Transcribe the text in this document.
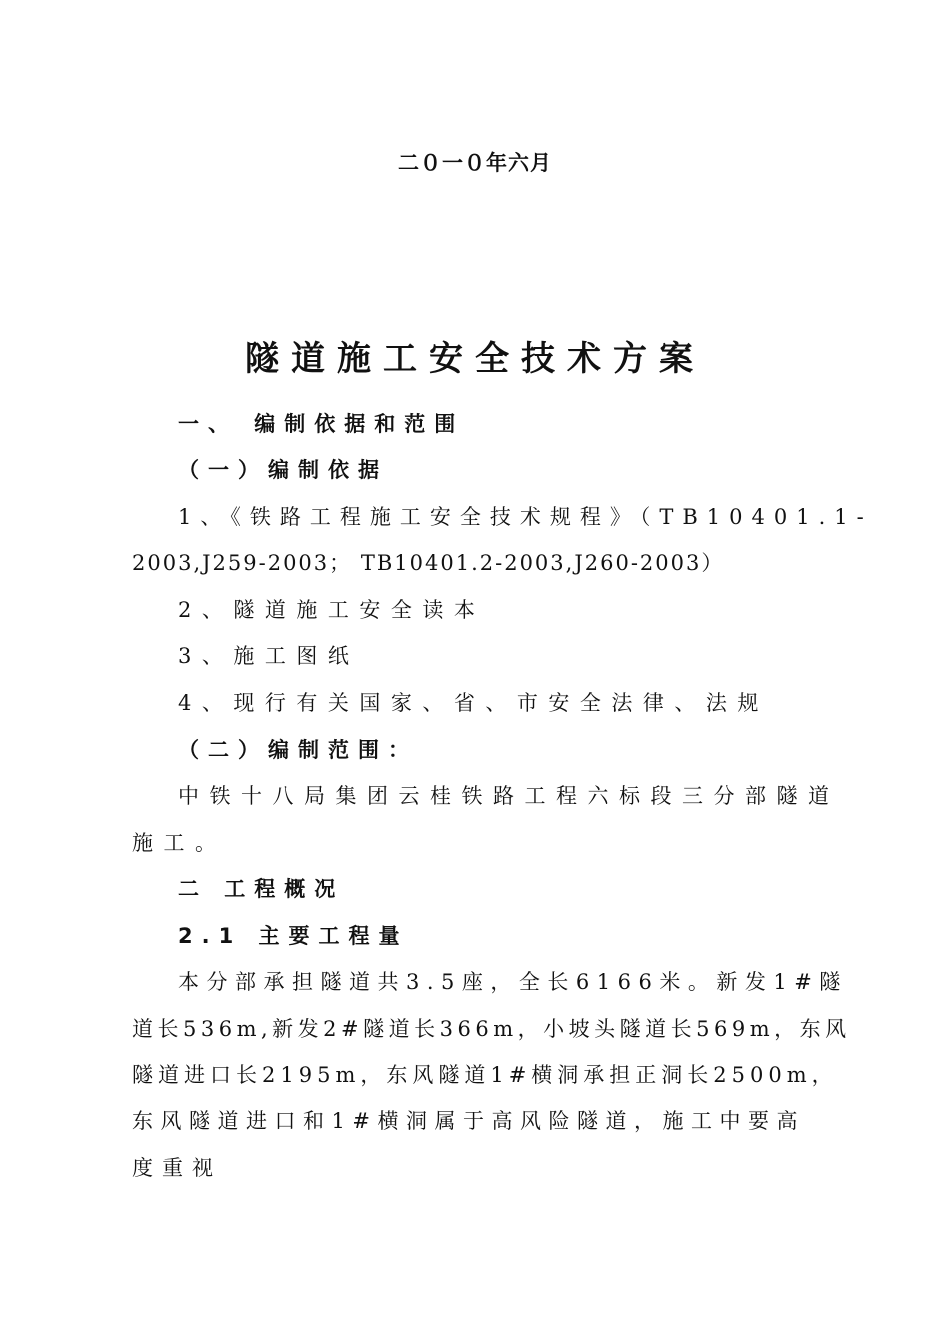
二０一０年六月
隧道施工安全技术方案
一、 编制依据和范围
（一）编制依据
1、《铁路工程施工安全技术规程》（TB10401.1-
2003,J259-2003； TB10401.2-2003,J260-2003）
2、隧道施工安全读本
3、施工图纸
4、现行有关国家、省、市安全法律、法规
（二）编制范围：
中铁十八局集团云桂铁路工程六标段三分部隧道
施工。
二 工程概况
2.1 主要工程量
本分部承担隧道共3.5座，全长6166米。新发1#隧
道长536m,新发2#隧道长366m，小坡头隧道长569m，东风
隧道进口长2195m，东风隧道1#横洞承担正洞长2500m，
东风隧道进口和1#横洞属于高风险隧道，施工中要高
度重视
